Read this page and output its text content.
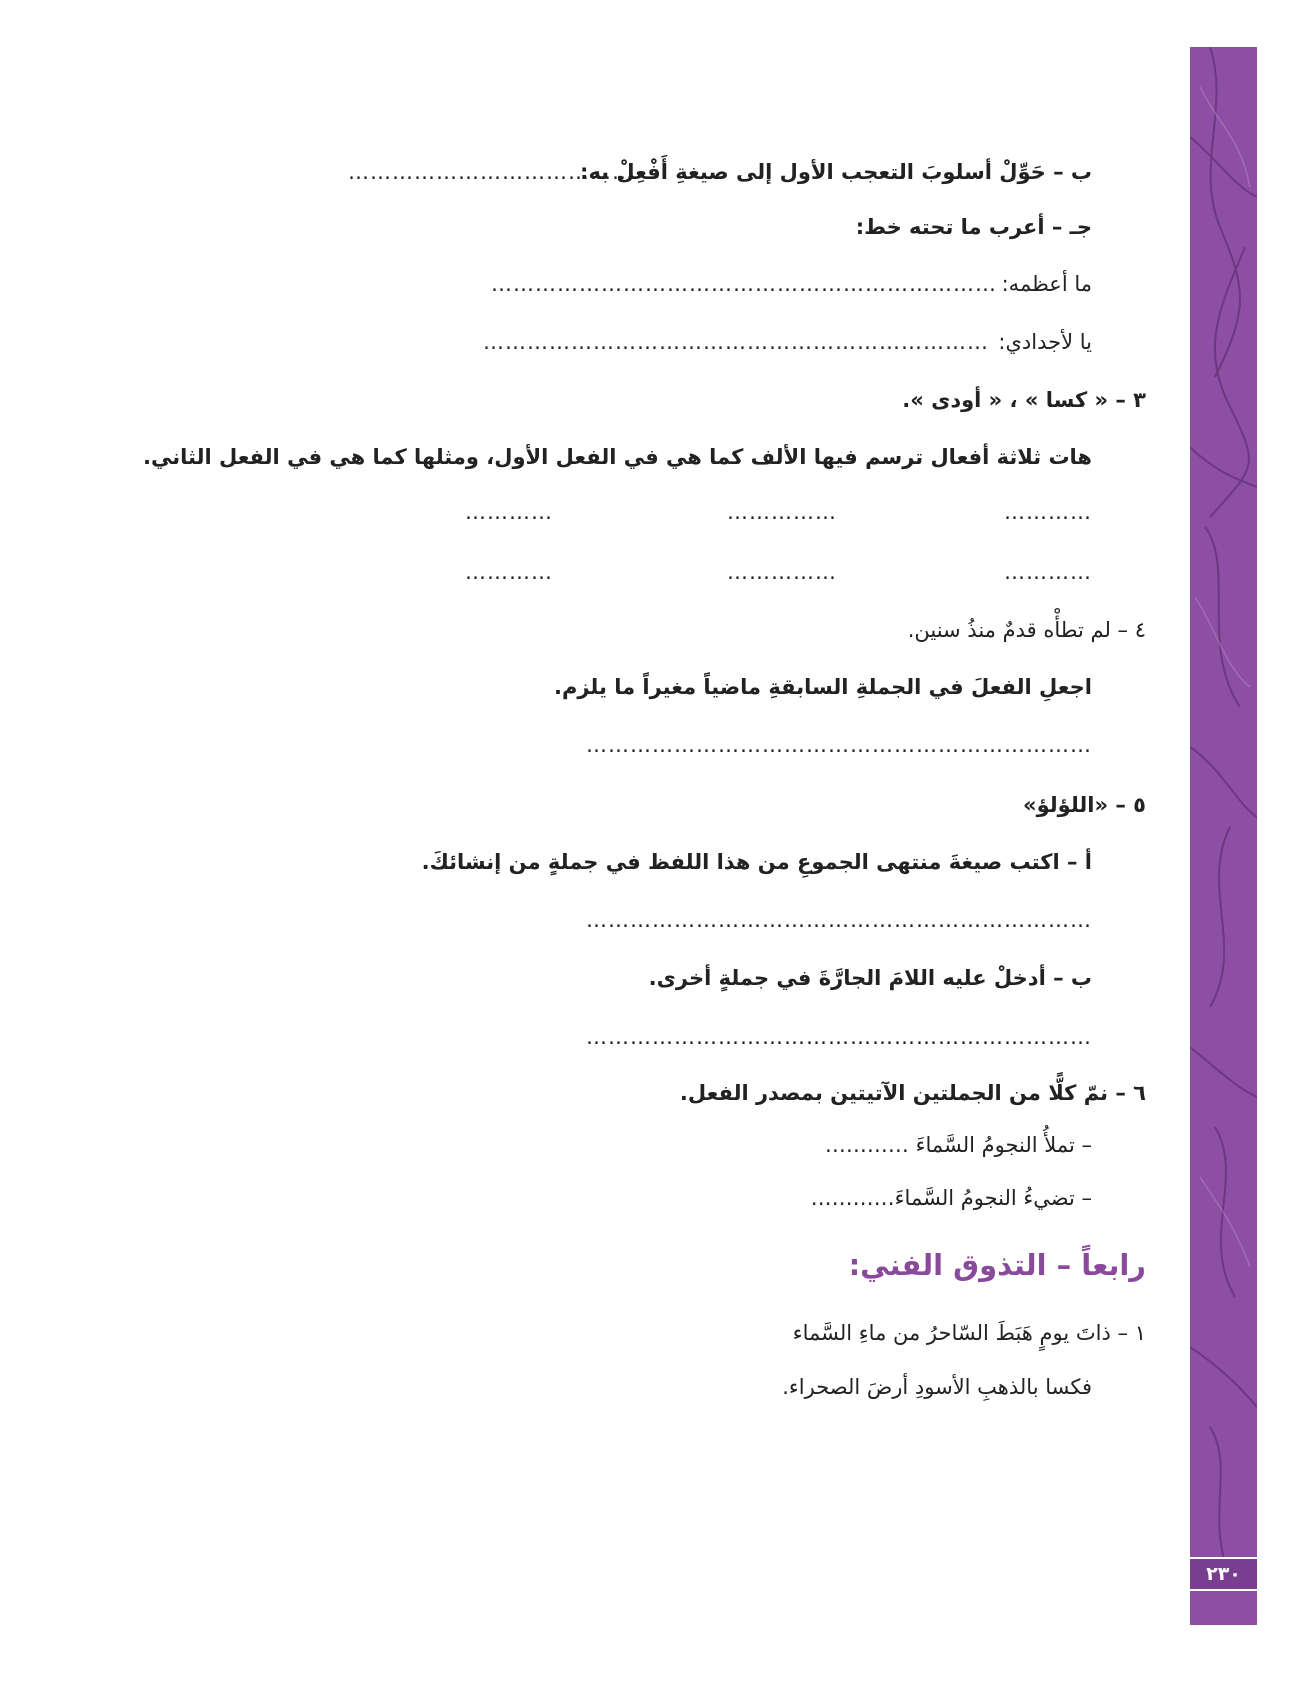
ب – حَوِّلْ أسلوبَ التعجب الأول إلى صيغةِ أَفْعِلْ به:
…………………………………
جـ – أعرب ما تحته خط:
ما أعظمه:
……………………………………………………………
يا لأجدادي:
……………………………………………………………
٣ – « كسا » ، « أودى ».
هات ثلاثة أفعال ترسم فيها الألف كما هي في الفعل الأول، ومثلها كما هي في الفعل الثاني.
…………
……………
…………
…………
……………
…………
٤ – لم تطأْه قدمٌ منذُ سنين.
اجعلِ الفعلَ في الجملةِ السابقةِ ماضياً مغيراً ما يلزم.
……………………………………………………………
٥ – «اللؤلؤ»
أ – اكتب صيغةَ منتهى الجموعِ من هذا اللفظ في جملةٍ من إنشائكَ.
……………………………………………………………
ب – أدخلْ عليه اللامَ الجارَّةَ في جملةٍ أخرى.
……………………………………………………………
٦ – نمّ كلًّا من الجملتين الآتيتين بمصدر الفعل.
– تملأُ النجومُ السَّماءَ …………
– تضيءُ النجومُ السَّماءَ…………
رابعاً – التذوق الفني:
١ – ذاتَ يومٍ هَبَطَ السّاحرُ من ماءِ السَّماء
فكسا بالذهبِ الأسودِ أرضَ الصحراء.
٢٣٠
